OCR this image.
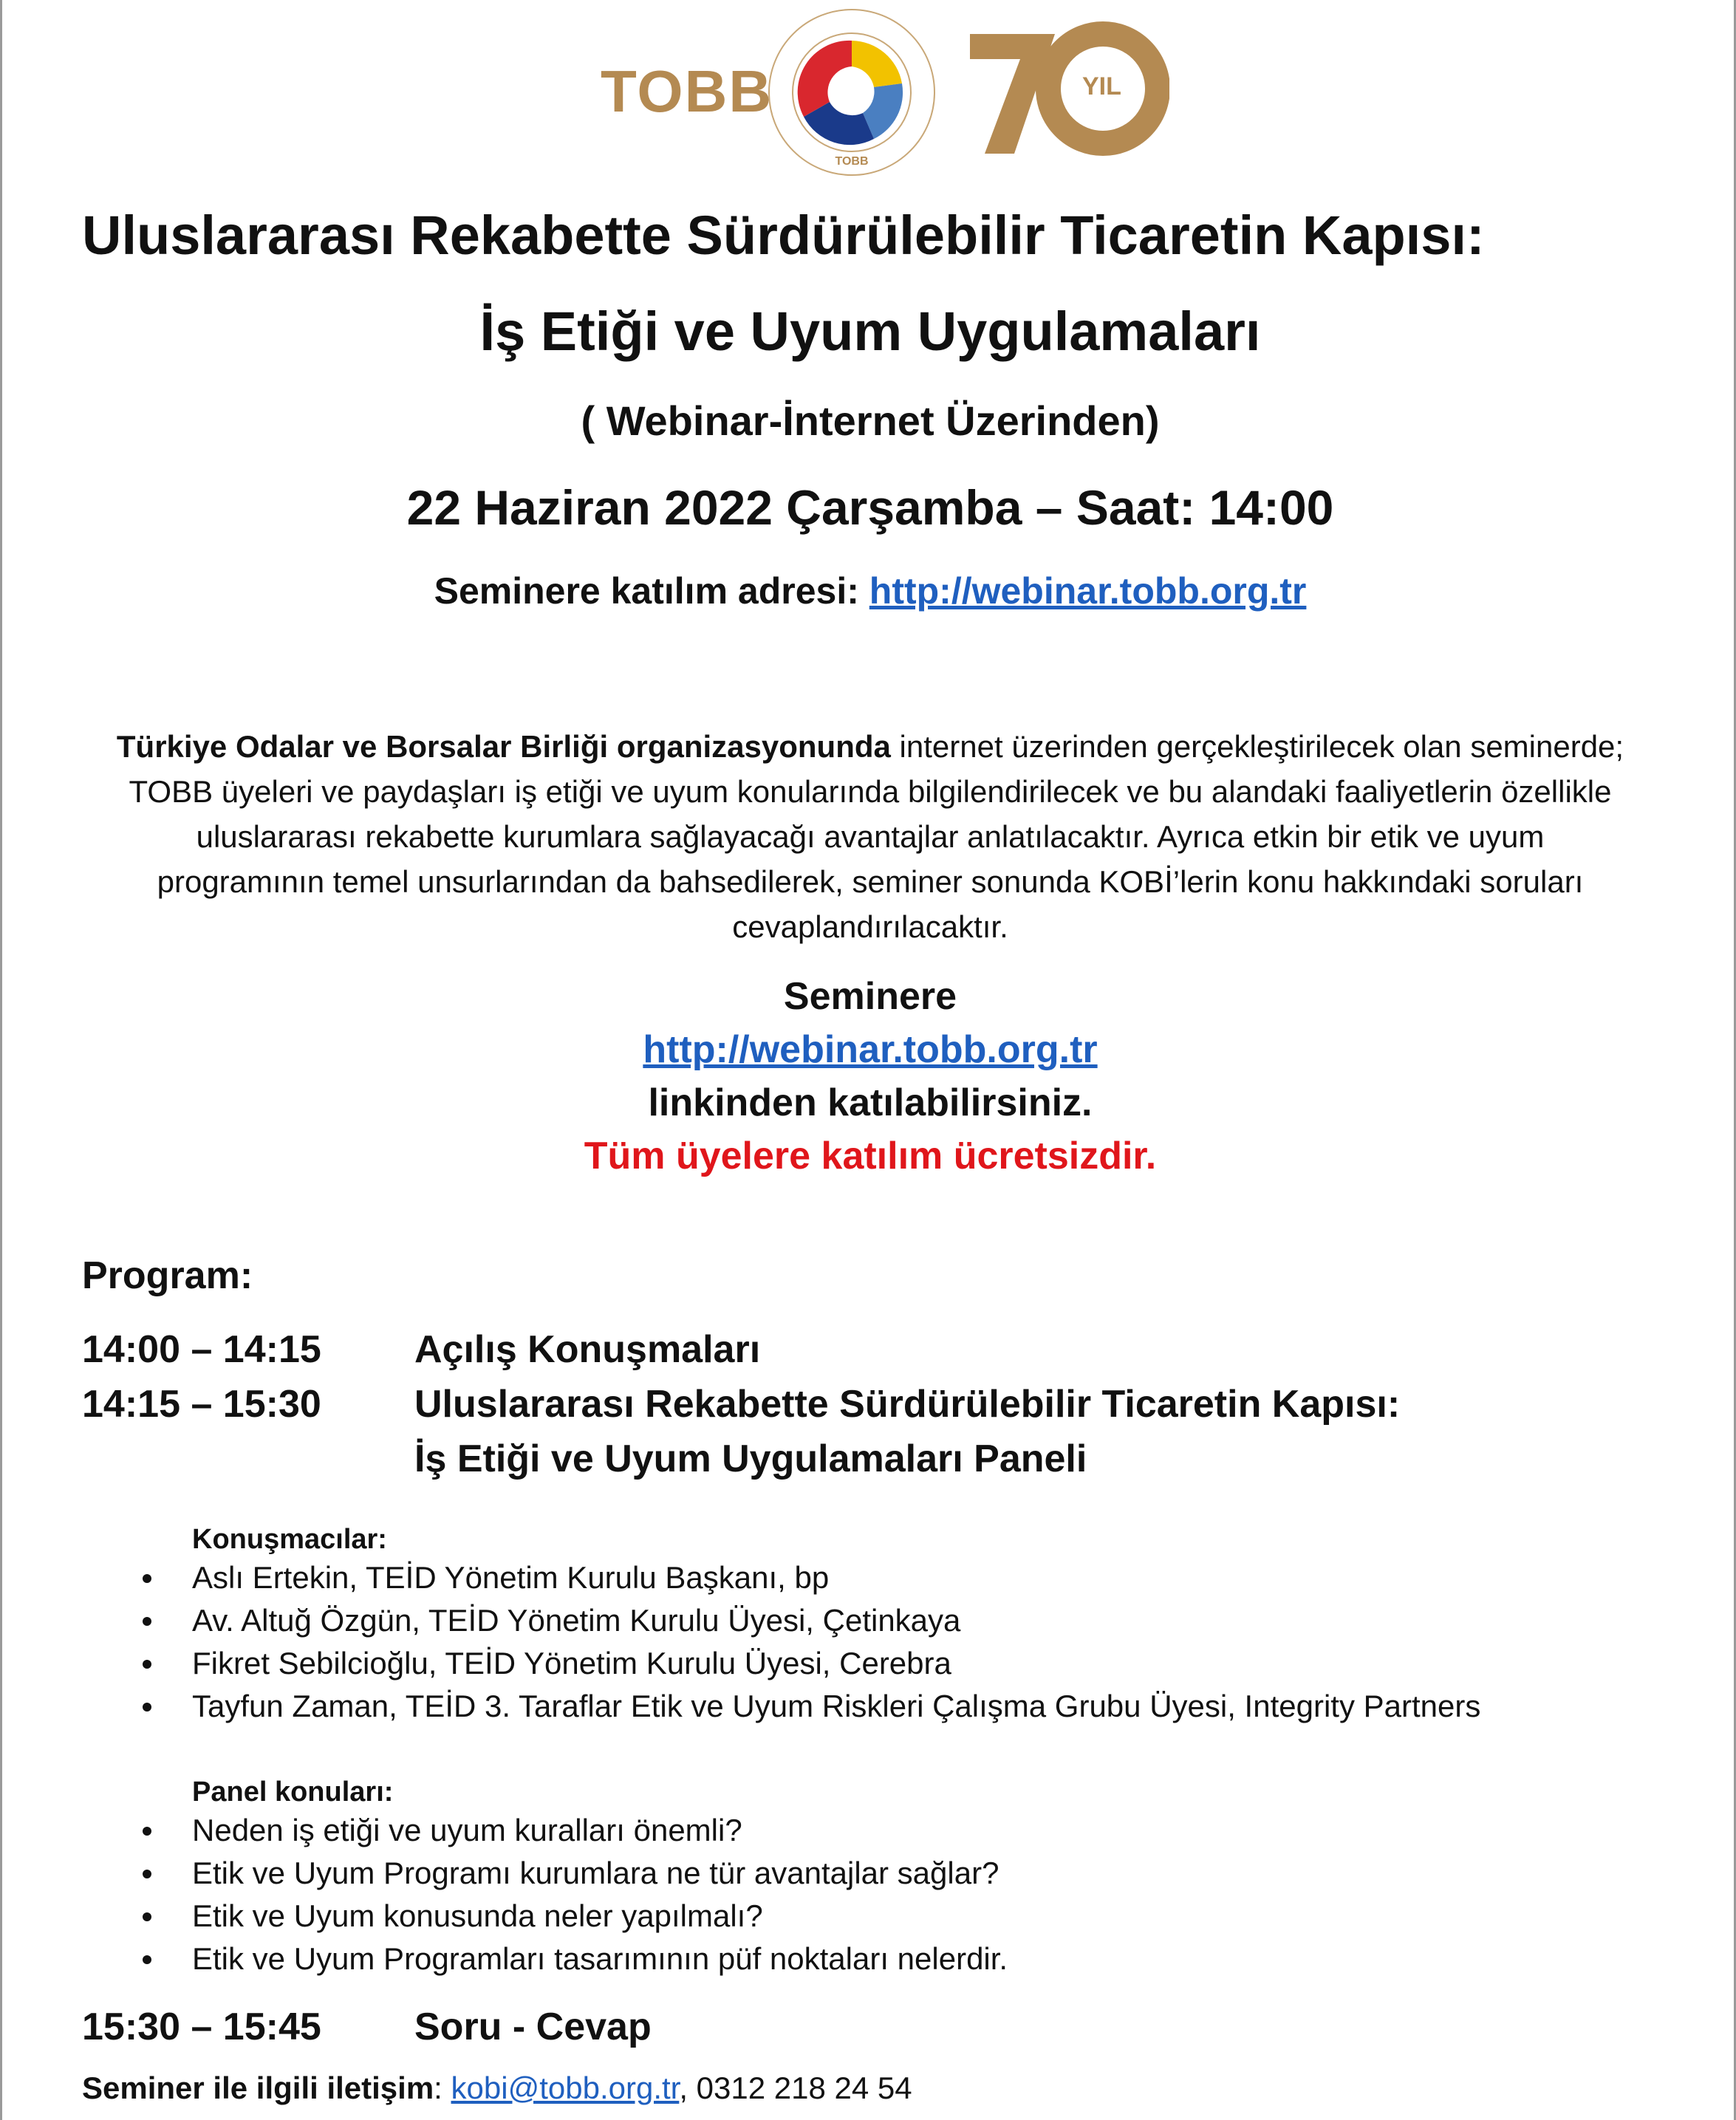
TOBB
TOBB
YIL
Uluslararası Rekabette Sürdürülebilir Ticaretin Kapısı:
İş Etiği ve Uyum Uygulamaları
( Webinar-İnternet Üzerinden)
22 Haziran 2022 Çarşamba – Saat: 14:00
Seminere katılım adresi: http://webinar.tobb.org.tr
Türkiye Odalar ve Borsalar Birliği organizasyonunda internet üzerinden gerçekleştirilecek olan seminerde;
TOBB üyeleri ve paydaşları iş etiği ve uyum konularında bilgilendirilecek ve bu alandaki faaliyetlerin özellikle
uluslararası rekabette kurumlara sağlayacağı avantajlar anlatılacaktır. Ayrıca etkin bir etik ve uyum
programının temel unsurlarından da bahsedilerek, seminer sonunda KOBİ’lerin konu hakkındaki soruları
cevaplandırılacaktır.
Seminere
http://webinar.tobb.org.tr
linkinden katılabilirsiniz.
Tüm üyelere katılım ücretsizdir.
Program:
14:00 – 14:15 Açılış Konuşmaları
14:15 – 15:30 Uluslararası Rekabette Sürdürülebilir Ticaretin Kapısı:
İş Etiği ve Uyum Uygulamaları Paneli
Konuşmacılar:
Aslı Ertekin, TEİD Yönetim Kurulu Başkanı, bp
Av. Altuğ Özgün, TEİD Yönetim Kurulu Üyesi, Çetinkaya
Fikret Sebilcioğlu, TEİD Yönetim Kurulu Üyesi, Cerebra
Tayfun Zaman, TEİD 3. Taraflar Etik ve Uyum Riskleri Çalışma Grubu Üyesi, Integrity Partners
Panel konuları:
Neden iş etiği ve uyum kuralları önemli?
Etik ve Uyum Programı kurumlara ne tür avantajlar sağlar?
Etik ve Uyum konusunda neler yapılmalı?
Etik ve Uyum Programları tasarımının püf noktaları nelerdir.
15:30 – 15:45 Soru - Cevap
Seminer ile ilgili iletişim: kobi@tobb.org.tr, 0312 218 24 54
